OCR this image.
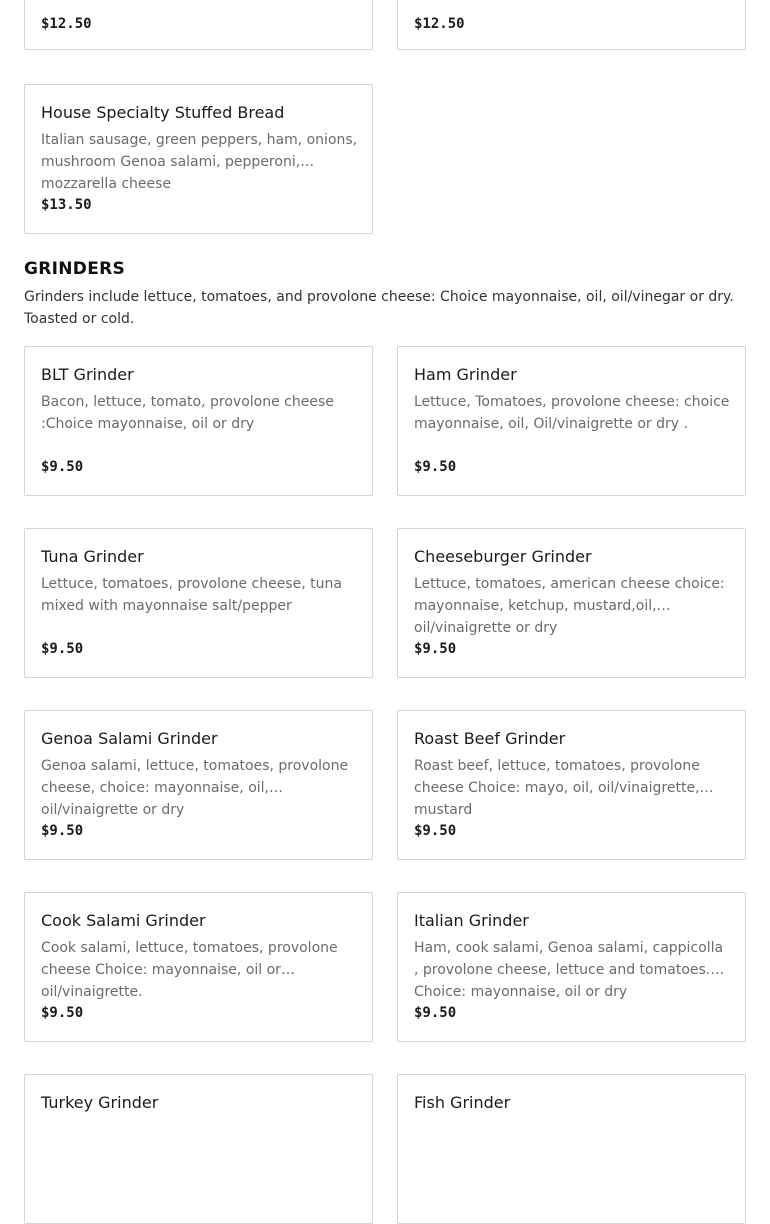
$12.50	$12.50
House Specialty Stuffed Bread
Italian sausage, green peppers, ham, onions, mushroom Genoa salami, pepperoni, mozzarella cheese
$13.50
GRINDERS
Grinders include lettuce, tomatoes, and provolone cheese: Choice mayonnaise, oil, oil/vinegar or dry. Toasted or cold.
BLT Grinder
Bacon, lettuce, tomato, provolone cheese :Choice mayonnaise, oil or dry
$9.50
Ham Grinder
Lettuce, Tomatoes, provolone cheese: choice mayonnaise, oil, Oil/vinaigrette or dry .
$9.50
Tuna Grinder
Lettuce, tomatoes, provolone cheese, tuna mixed with mayonnaise salt/pepper
$9.50
Cheeseburger Grinder
Lettuce, tomatoes, american cheese choice: mayonnaise, ketchup, mustard,oil, oil/vinaigrette or dry
$9.50
Genoa Salami Grinder
Genoa salami, lettuce, tomatoes, provolone cheese, choice: mayonnaise, oil, oil/vinaigrette or dry
$9.50
Roast Beef Grinder
Roast beef, lettuce, tomatoes, provolone cheese Choice: mayo, oil, oil/vinaigrette, mustard
$9.50
Cook Salami Grinder
Cook salami, lettuce, tomatoes, provolone cheese Choice: mayonnaise, oil or oil/vinaigrette.
$9.50
Italian Grinder
Ham, cook salami, Genoa salami, cappicolla , provolone cheese, lettuce and tomatoes. Choice: mayonnaise, oil or dry
$9.50
Turkey Grinder	Fish Grinder
